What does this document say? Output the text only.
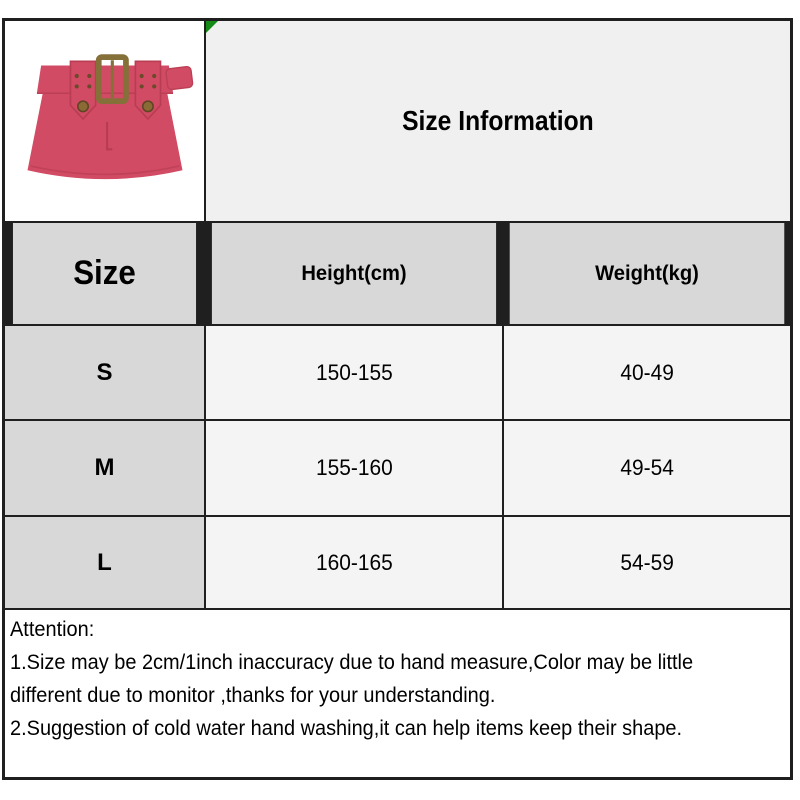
Size Information
Size	Height(cm)	Weight(kg)
S	150-155	40-49
M	155-160	49-54
L	160-165	54-59
Attention:
1.Size may be 2cm/1inch inaccuracy due to hand measure,Color may be little
different due to monitor ,thanks for your understanding.
2.Suggestion of cold water hand washing,it can help items keep their shape.
